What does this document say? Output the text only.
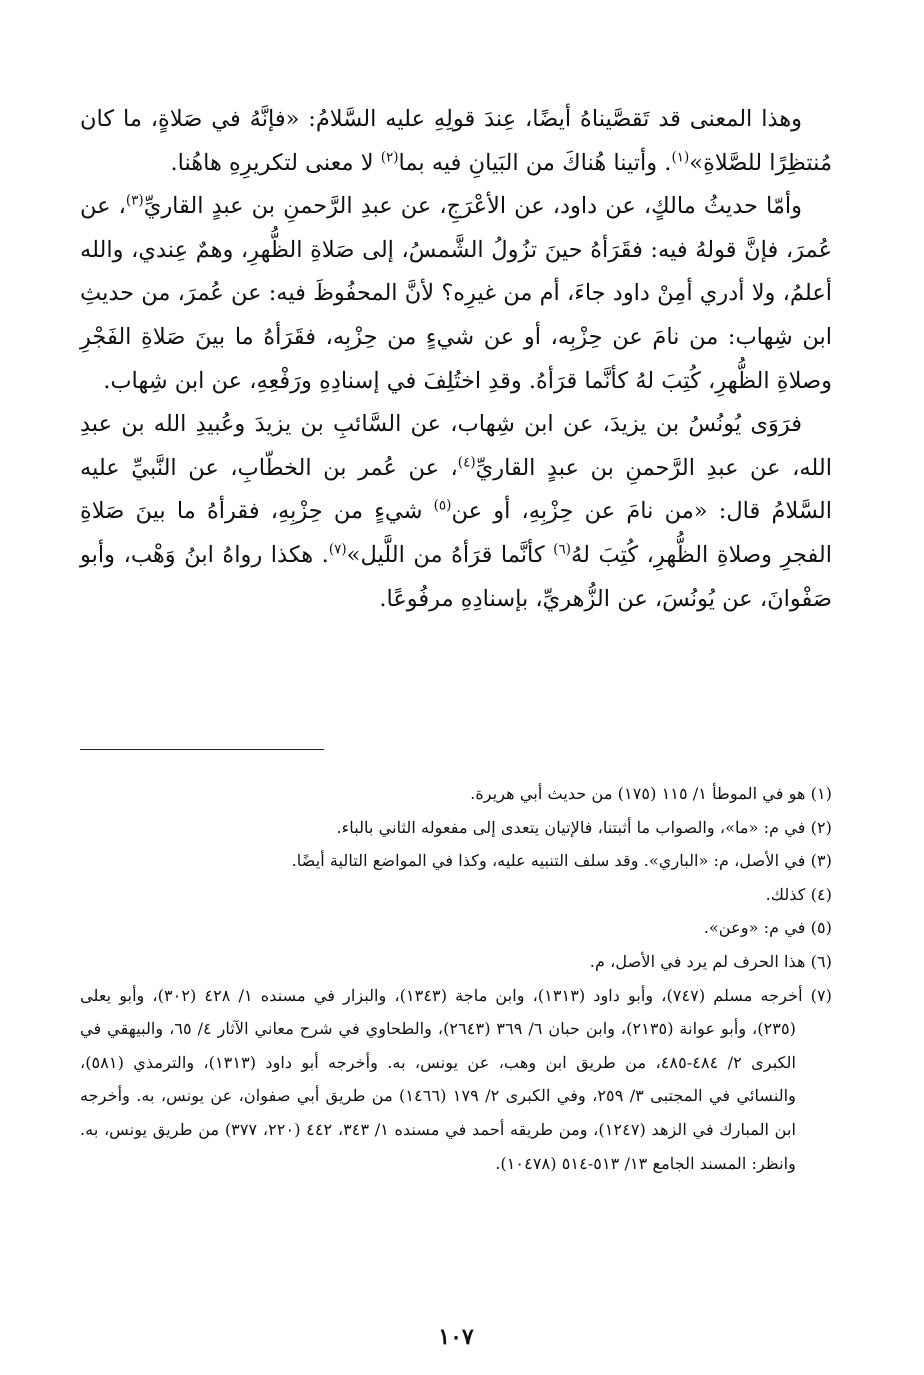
وهذا المعنى قد تَقصَّيناهُ أيضًا، عِندَ قولِهِ عليه السَّلامُ: «فإنَّهُ في صَلاةٍ، ما كان مُنتظِرًا للصَّلاةِ»$^{(١)}$. وأتينا هُناكَ من البَيانِ فيه بما$^{(٢)}$ لا معنى لتكريرِهِ هاهُنا.

وأمّا حديثُ مالكٍ، عن داود، عن الأعْرَجِ، عن عبدِ الرَّحمنِ بن عبدٍ القاريِّ$^{(٣)}$، عن عُمرَ، فإنَّ قولهُ فيه: فقَرَأهُ حينَ تزُولُ الشَّمسُ، إلى صَلاةِ الظُّهرِ، وهمٌ عِندي، والله أعلمُ، ولا أدري أمِنْ داود جاءَ، أم من غيرِه؟ لأنَّ المحفُوظَ فيه: عن عُمرَ، من حديثِ ابن شِهاب: من نامَ عن حِزْبِه، أو عن شيءٍ من حِزْبِه، فقَرَأهُ ما بينَ صَلاةِ الفَجْرِ وصلاةِ الظُّهرِ، كُتِبَ لهُ كأنَّما قرَأهُ. وقدِ اختُلِفَ في إسنادِهِ ورَفْعِهِ، عن ابن شِهاب.

فرَوَى يُونُسُ بن يزيدَ، عن ابن شِهاب، عن السَّائبِ بن يزيدَ وعُبيدِ الله بن عبدِ الله، عن عبدِ الرَّحمنِ بن عبدٍ القاريِّ$^{(٤)}$، عن عُمر بن الخطّابِ، عن النَّبيِّ عليه السَّلامُ قال: «من نامَ عن حِزْبِهِ، أو عن$^{(٥)}$ شيءٍ من حِزْبِهِ، فقرأهُ ما بينَ صَلاةِ الفجرِ وصلاةِ الظُّهرِ، كُتِبَ لهُ$^{(٦)}$ كأنَّما قرَأهُ من اللَّيل»$^{(٧)}$. هكذا رواهُ ابنُ وَهْب، وأبو صَفْوانَ، عن يُونُسَ، عن الزُّهريِّ، بإسنادِهِ مرفُوعًا.

(١) هو في الموطأ ١/ ١١٥ (١٧٥) من حديث أبي هريرة.

(٢) في م: «ما»، والصواب ما أثبتنا، فالإتيان يتعدى إلى مفعوله الثاني بالباء.

(٣) في الأصل، م: «الباري». وقد سلف التنبيه عليه، وكذا في المواضع التالية أيضًا.

(٤) كذلك.

(٥) في م: «وعن».

(٦) هذا الحرف لم يرد في الأصل، م.

(٧) أخرجه مسلم (٧٤٧)، وأبو داود (١٣١٣)، وابن ماجة (١٣٤٣)، والبزار في مسنده ١/ ٤٢٨ (٣٠٢)، وأبو يعلى (٢٣٥)، وأبو عوانة (٢١٣٥)، وابن حبان ٦/ ٣٦٩ (٢٦٤٣)، والطحاوي في شرح معاني الآثار ٤/ ٦٥، والبيهقي في الكبرى ٢/ ٤٨٤-٤٨٥، من طريق ابن وهب، عن يونس، به. وأخرجه أبو داود (١٣١٣)، والترمذي (٥٨١)، والنسائي في المجتبى ٣/ ٢٥٩، وفي الكبرى ٢/ ١٧٩ (١٤٦٦) من طريق أبي صفوان، عن يونس، به. وأخرجه ابن المبارك في الزهد (١٢٤٧)، ومن طريقه أحمد في مسنده ١/ ٣٤٣، ٤٤٢ (٢٢٠، ٣٧٧) من طريق يونس، به. وانظر: المسند الجامع ١٣/ ٥١٣-٥١٤ (١٠٤٧٨).

١٠٧
